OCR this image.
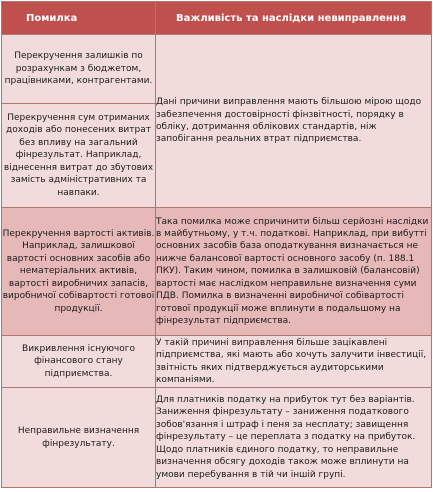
Помилка	Важливість та наслідки невиправлення
Перекручення залишків по розрахункам з бюджетом, працівниками, контрагентами.	Дані причини виправлення мають більшою мірою щодо забезпечення достовірності фінзвітності, порядку в обліку, дотримання облікових стандартів, ніж запобігання реальних втрат підприємства.
Перекручення сум отриманих доходів або понесених витрат без впливу на загальний фінрезультат. Наприклад, віднесення витрат до збутових замість адміністративних та навпаки.	
Перекручення вартості активів. Наприклад, залишкової вартості основних засобів або нематеріальних активів, вартості виробничих запасів, виробничої собівартості готової продукції.	Така помилка може спричинити більш серйозні наслідки в майбутньому, у т.ч. податкові. Наприклад, при вибутті основних засобів база оподаткування визначається не нижче балансової вартості основного засобу (п. 188.1 ПКУ). Таким чином, помилка в залишковій (балансовій) вартості має наслідком неправильне визначення суми ПДВ. Помилка в визначенні виробничої собівартості готової продукції може вплинути в подальшому на фінрезультат підприємства.
Викривлення існуючого фінансового стану підприємства.	У такій причині виправлення більше зацікавлені підприємства, які мають або хочуть залучити інвестиції, звітність яких підтверджується аудиторськими компаніями.
Неправильне визначення фінрезультату.	Для платників податку на прибуток тут без варіантів. Заниження фінрезультату – заниження податкового зобов'язання і штраф і пеня за несплату; завищення фінрезультату – це переплата з податку на прибуток. Щодо платників єдиного податку, то неправильне визначення обсягу доходів також може вплинути на умови перебування в тій чи іншій групі.
